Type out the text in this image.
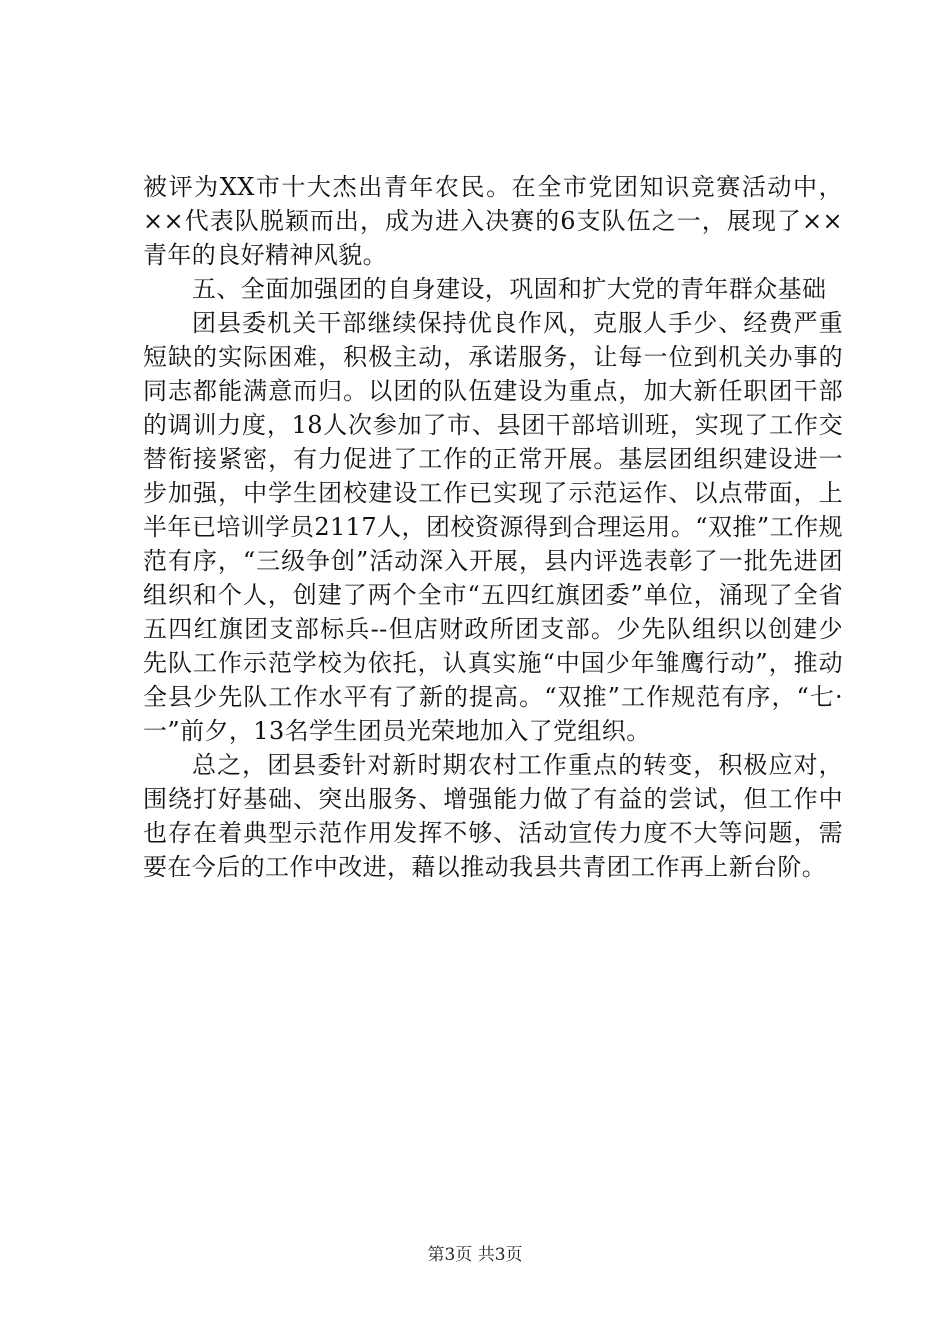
被评为XX市十大杰出青年农民。在全市党团知识竞赛活动中，××代表队脱颖而出，成为进入决赛的6支队伍之一，展现了××青年的良好精神风貌。

五、全面加强团的自身建设，巩固和扩大党的青年群众基础

团县委机关干部继续保持优良作风，克服人手少、经费严重短缺的实际困难，积极主动，承诺服务，让每一位到机关办事的同志都能满意而归。以团的队伍建设为重点，加大新任职团干部的调训力度，18人次参加了市、县团干部培训班，实现了工作交替衔接紧密，有力促进了工作的正常开展。基层团组织建设进一步加强，中学生团校建设工作已实现了示范运作、以点带面，上半年已培训学员2117人，团校资源得到合理运用。“双推”工作规范有序，“三级争创”活动深入开展，县内评选表彰了一批先进团组织和个人，创建了两个全市“五四红旗团委”单位，涌现了全省五四红旗团支部标兵--但店财政所团支部。少先队组织以创建少先队工作示范学校为依托，认真实施“中国少年雏鹰行动”，推动全县少先队工作水平有了新的提高。“双推”工作规范有序，“七·一”前夕，13名学生团员光荣地加入了党组织。

总之，团县委针对新时期农村工作重点的转变，积极应对，围绕打好基础、突出服务、增强能力做了有益的尝试，但工作中也存在着典型示范作用发挥不够、活动宣传力度不大等问题，需要在今后的工作中改进，藉以推动我县共青团工作再上新台阶。

第3页 共3页
